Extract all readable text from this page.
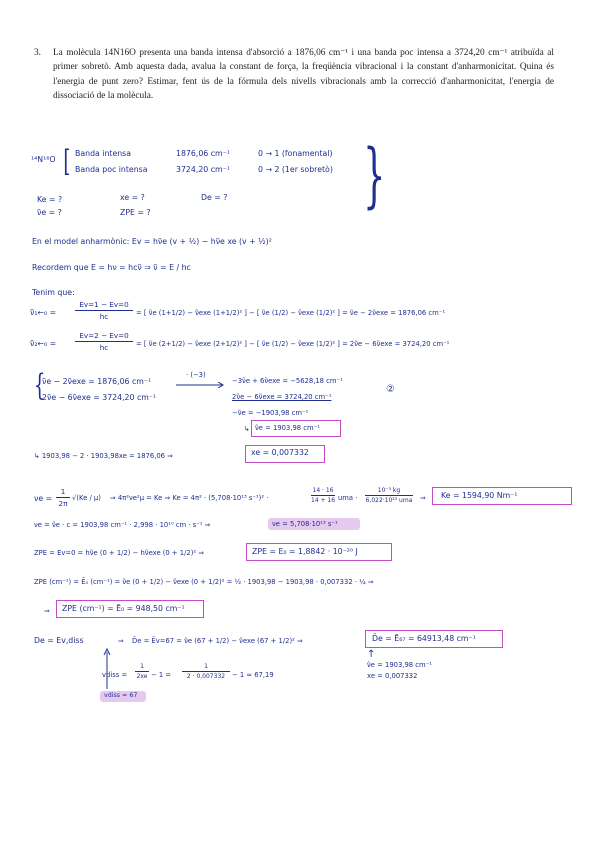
3. La molècula 14N16O presenta una banda intensa d'absorció a 1876,06 cm⁻¹ i una banda poc intensa a 3724,20 cm⁻¹ atribuïda al primer sobretò. Amb aquesta dada, avalua la constant de força, la freqüència vibracional i la constant d'anharmonicitat. Quina és l'energia de punt zero? Estimar, fent ús de la fórmula dels nivells vibracionals amb la correcció d'anharmonicitat, l'energia de dissociació de la molècula.
¹⁴N¹⁶O [ Banda intensa	1876,06 cm⁻¹	0 → 1 (fonamental)
Banda poc intensa	3724,20 cm⁻¹	0 → 2 (1er sobretò) }
Ke = ?	xe = ?	De = ?
ν̃e = ?	ZPE = ?
En el model anharmònic: Ev = hν̃e (v + ½) − hν̃e xe (v + ½)²
Recordem que E = hν = hcν̃ ⇒ ν̃ = E / hc
Tenim que:
ν̃₁←₀ =
Ev=1 − Ev=0
hc	= [ ν̃e (1+1/2) − ν̃exe (1+1/2)² ] − [ ν̃e (1/2) − ν̃exe (1/2)² ] = ν̃e − 2ν̃exe = 1876,06 cm⁻¹
ν̃₂←₀ =
Ev=2 − Ev=0
hc	= [ ν̃e (2+1/2) − ν̃exe (2+1/2)² ] − [ ν̃e (1/2) − ν̃exe (1/2)² ] = 2ν̃e − 6ν̃exe = 3724,20 cm⁻¹
{
ν̃e − 2ν̃exe = 1876,06 cm⁻¹
2ν̃e − 6ν̃exe = 3724,20 cm⁻¹
· (−3)
−3ν̃e + 6ν̃exe = −5628,18 cm⁻¹
2ν̃e − 6ν̃exe = 3724,20 cm⁻¹
②
−ν̃e = −1903,98 cm⁻¹
↳ ν̃e = 1903,98 cm⁻¹
↳ 1903,98 − 2 · 1903,98xe = 1876,06 ⇒	xe = 0,007332
νe =
1
2π
√(Ke / μ) ⇒ 4π²νe²μ = Ke ⇒ Ke = 4π² · (5,708·10¹³ s⁻¹)² ·
14 · 16
14 + 16 uma ·
10⁻³ kg
6,022·10²³ uma ⇒ Ke = 1594,90 Nm⁻¹
νe = ν̃e · c = 1903,98 cm⁻¹ · 2,998 · 10¹⁰ cm · s⁻¹ ⇒	νe = 5,708·10¹³ s⁻¹
ZPE = Ev=0 = hν̃e (0 + 1/2) − hν̃exe (0 + 1/2)² ⇒	ZPE = E₀ = 1,8842 · 10⁻²⁰ J
ZPE (cm⁻¹) = Ē₀ (cm⁻¹) = ν̃e (0 + 1/2) − ν̃exe (0 + 1/2)² = ½ · 1903,98 − 1903,98 · 0,007332 · ¼ ⇒
⇒ ZPE (cm⁻¹) = Ē₀ = 948,50 cm⁻¹
De = Ev,diss	⇒ D̄e = Ēv=67 = ν̃e (67 + 1/2) − ν̃exe (67 + 1/2)² ⇒	D̄e = Ē₆₇ = 64913,48 cm⁻¹
↑
ν̃e = 1903,98 cm⁻¹
xe = 0,007332
vdiss =
1
2xe − 1 =
1
2 · 0,007332	− 1 ≃ 67,19
vdiss = 67
